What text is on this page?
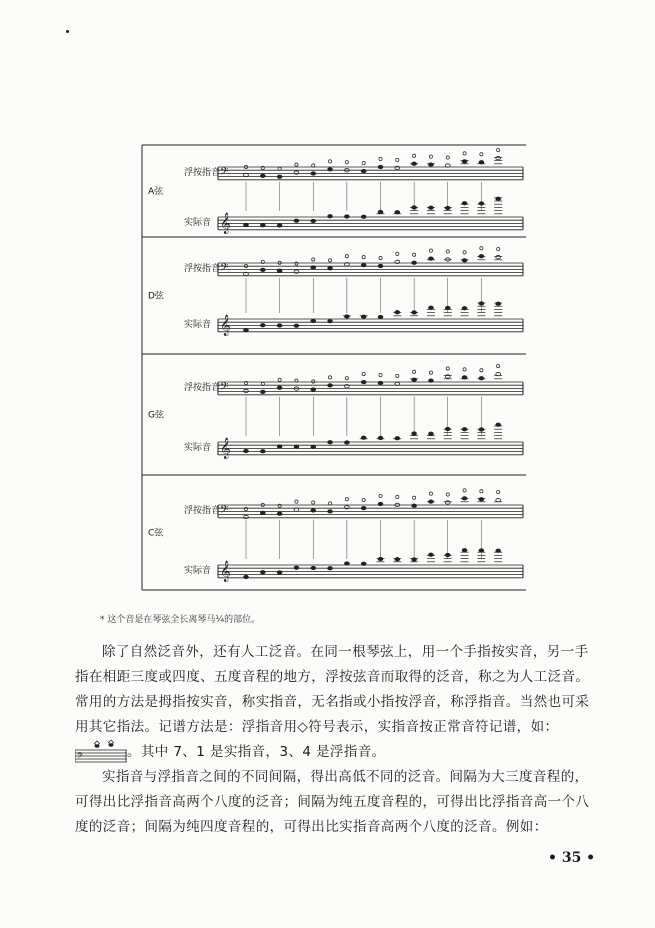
𝄢
𝄞
𝄢
𝄞
𝄢
𝄞
𝄢
𝄞
A弦
浮按指音
实际音
D弦
浮按指音
实际音
G弦
浮按指音
实际音
C弦
浮按指音
实际音
* 这个音是在琴弦全长离琴马¼的部位。

除了自然泛音外，还有人工泛音。在同一根琴弦上，用一个手指按实音，另一手指在相距三度或四度、五度音程的地方，浮按弦音而取得的泛音，称之为人工泛音。常用的方法是拇指按实音，称实指音，无名指或小指按浮音，称浮指音。当然也可采用其它指法。记谱方法是：浮指音用◇符号表示，实指音按正常音符记谱，如：
𝄢	。其中 7、1 是实指音，3、4 是浮指音。

实指音与浮指音之间的不同间隔，得出高低不同的泛音。间隔为大三度音程的，可得出比浮指音高两个八度的泛音；间隔为纯五度音程的，可得出比浮指音高一个八度的泛音；间隔为纯四度音程的，可得出比实指音高两个八度的泛音。例如：

• 35 •
